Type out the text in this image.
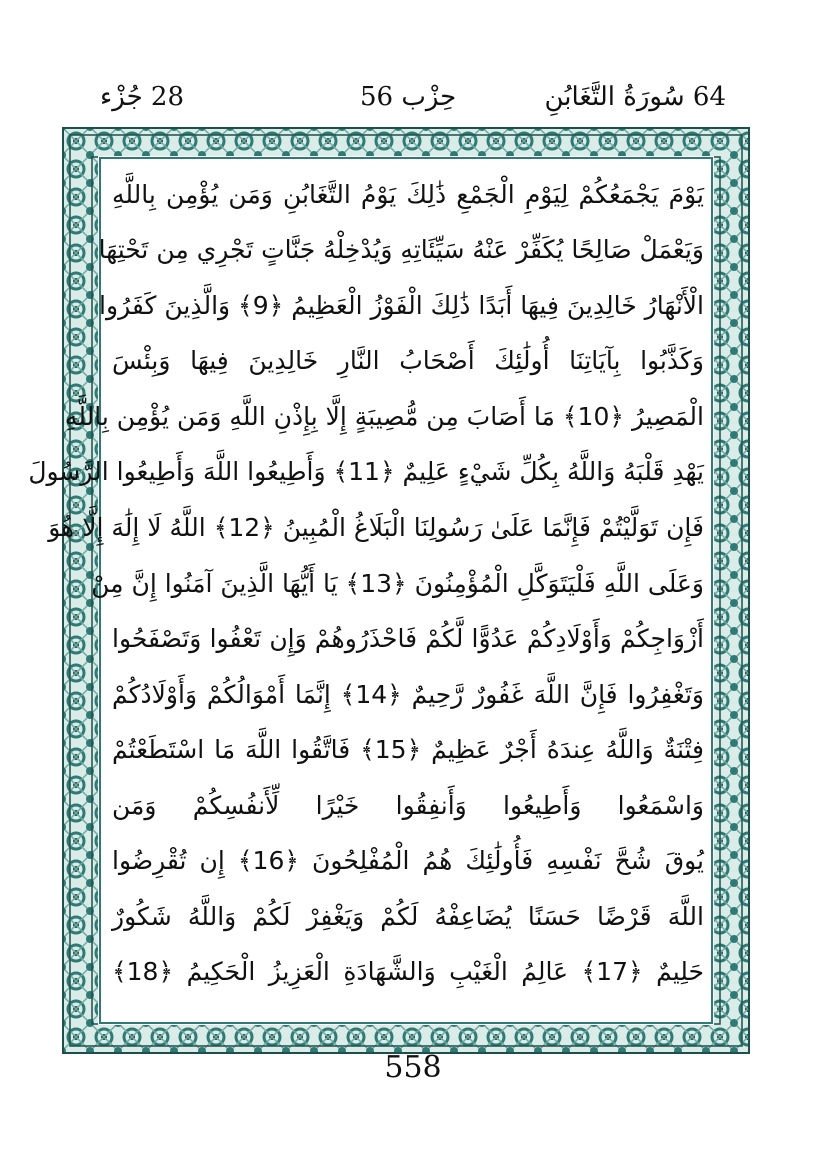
64 سُورَةُ التَّغَابُنِ
حِزْب 56
28 جُزْء
يَوْمَ يَجْمَعُكُمْ لِيَوْمِ الْجَمْعِ ذَٰلِكَ يَوْمُ التَّغَابُنِ وَمَن يُؤْمِن بِاللَّهِ
وَيَعْمَلْ صَالِحًا يُكَفِّرْ عَنْهُ سَيِّئَاتِهِ وَيُدْخِلْهُ جَنَّاتٍ تَجْرِي مِن تَحْتِهَا
الْأَنْهَارُ خَالِدِينَ فِيهَا أَبَدًا ذَٰلِكَ الْفَوْزُ الْعَظِيمُ ﴿9﴾ وَالَّذِينَ كَفَرُوا
وَكَذَّبُوا بِآيَاتِنَا أُولَٰئِكَ أَصْحَابُ النَّارِ خَالِدِينَ فِيهَا وَبِئْسَ
الْمَصِيرُ ﴿10﴾ مَا أَصَابَ مِن مُّصِيبَةٍ إِلَّا بِإِذْنِ اللَّهِ وَمَن يُؤْمِن بِاللَّهِ
يَهْدِ قَلْبَهُ وَاللَّهُ بِكُلِّ شَيْءٍ عَلِيمٌ ﴿11﴾ وَأَطِيعُوا اللَّهَ وَأَطِيعُوا الرَّسُولَ
فَإِن تَوَلَّيْتُمْ فَإِنَّمَا عَلَىٰ رَسُولِنَا الْبَلَاغُ الْمُبِينُ ﴿12﴾ اللَّهُ لَا إِلَٰهَ إِلَّا هُوَ
وَعَلَى اللَّهِ فَلْيَتَوَكَّلِ الْمُؤْمِنُونَ ﴿13﴾ يَا أَيُّهَا الَّذِينَ آمَنُوا إِنَّ مِنْ
أَزْوَاجِكُمْ وَأَوْلَادِكُمْ عَدُوًّا لَّكُمْ فَاحْذَرُوهُمْ وَإِن تَعْفُوا وَتَصْفَحُوا
وَتَغْفِرُوا فَإِنَّ اللَّهَ غَفُورٌ رَّحِيمٌ ﴿14﴾ إِنَّمَا أَمْوَالُكُمْ وَأَوْلَادُكُمْ
فِتْنَةٌ وَاللَّهُ عِندَهُ أَجْرٌ عَظِيمٌ ﴿15﴾ فَاتَّقُوا اللَّهَ مَا اسْتَطَعْتُمْ
وَاسْمَعُوا وَأَطِيعُوا وَأَنفِقُوا خَيْرًا لِّأَنفُسِكُمْ وَمَن
يُوقَ شُحَّ نَفْسِهِ فَأُولَٰئِكَ هُمُ الْمُفْلِحُونَ ﴿16﴾ إِن تُقْرِضُوا
اللَّهَ قَرْضًا حَسَنًا يُضَاعِفْهُ لَكُمْ وَيَغْفِرْ لَكُمْ وَاللَّهُ شَكُورٌ
حَلِيمٌ ﴿17﴾ عَالِمُ الْغَيْبِ وَالشَّهَادَةِ الْعَزِيزُ الْحَكِيمُ ﴿18﴾
558
